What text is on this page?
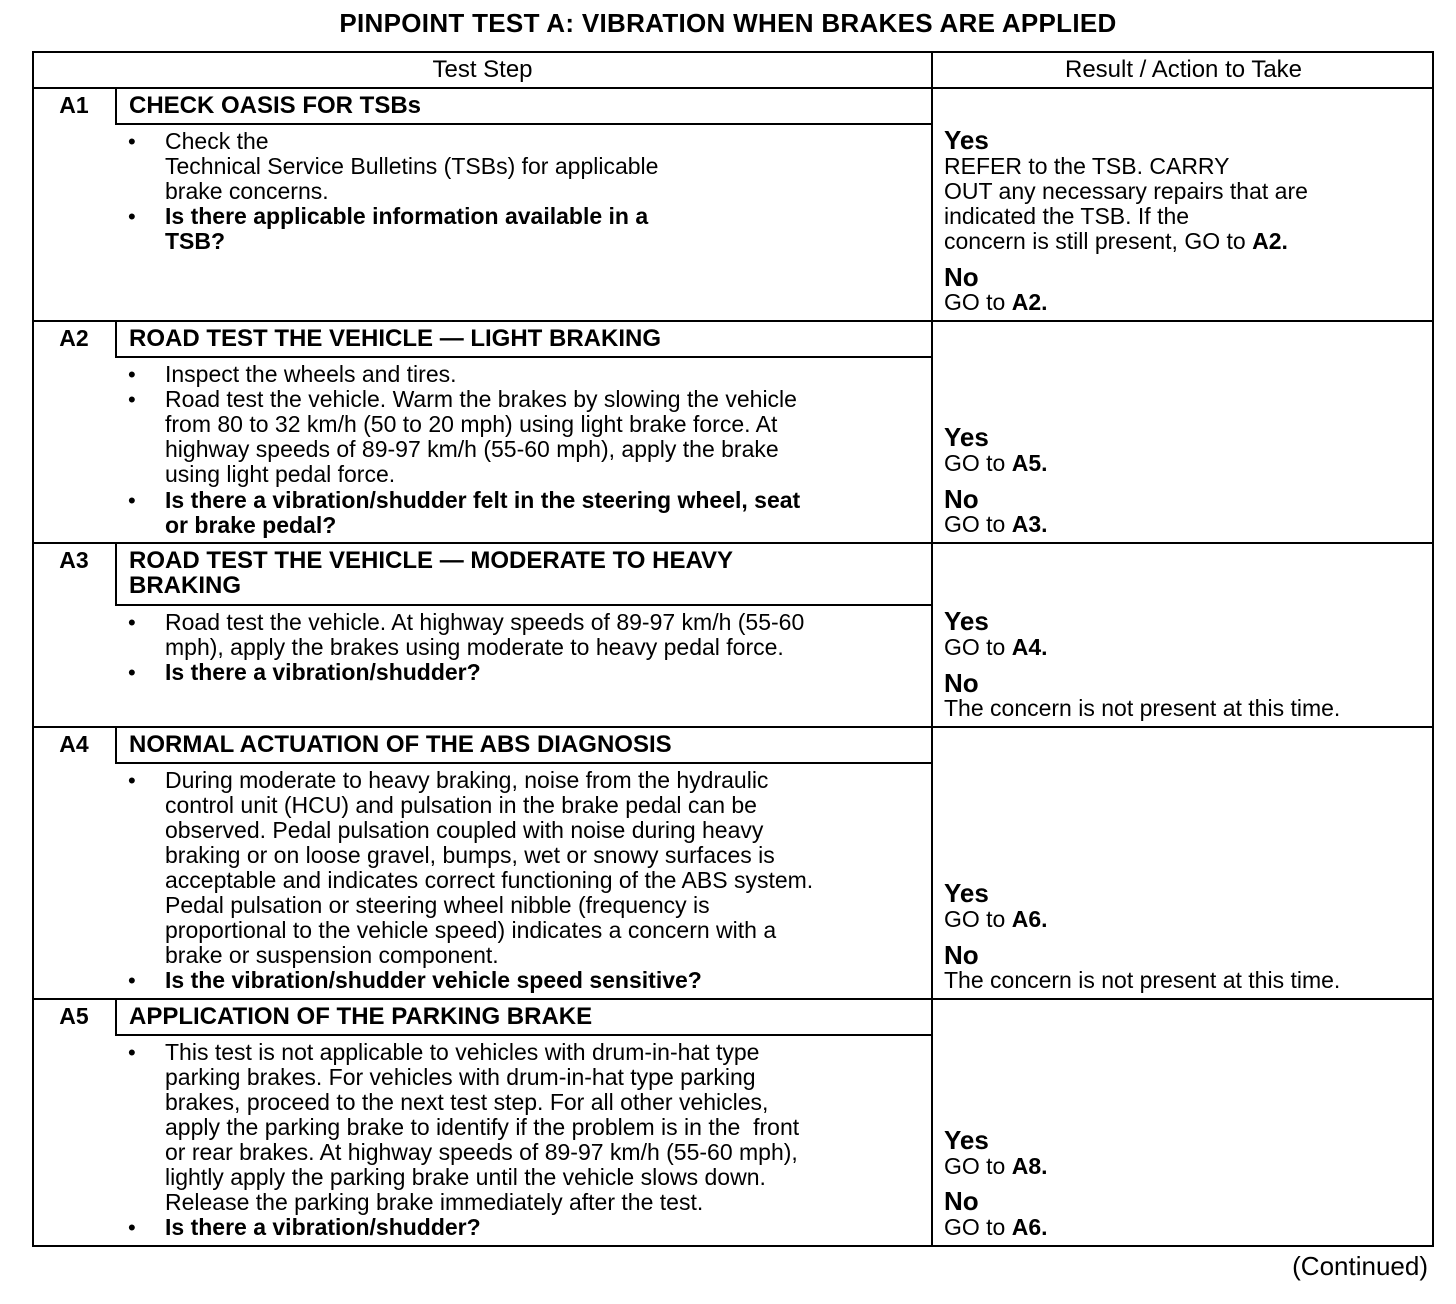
PINPOINT TEST A: VIBRATION WHEN BRAKES ARE APPLIED
Test Step	Result / Action to Take
A1	CHECK OASIS FOR TSBs
• Check the
Technical Service Bulletins (TSBs) for applicable
brake concerns.
• Is there applicable information available in a
TSB?
Yes
REFER to the TSB. CARRY
OUT any necessary repairs that are
indicated the TSB. If the
concern is still present, GO to A2.
No
GO to A2.
A2	ROAD TEST THE VEHICLE — LIGHT BRAKING
• Inspect the wheels and tires.
• Road test the vehicle. Warm the brakes by slowing the vehicle
from 80 to 32 km/h (50 to 20 mph) using light brake force. At
highway speeds of 89-97 km/h (55-60 mph), apply the brake
using light pedal force.
• Is there a vibration/shudder felt in the steering wheel, seat
or brake pedal?
Yes
GO to A5.
No
GO to A3.
A3	ROAD TEST THE VEHICLE — MODERATE TO HEAVY
BRAKING
• Road test the vehicle. At highway speeds of 89-97 km/h (55-60
mph), apply the brakes using moderate to heavy pedal force.
• Is there a vibration/shudder?
Yes
GO to A4.
No
The concern is not present at this time.
A4	NORMAL ACTUATION OF THE ABS DIAGNOSIS
• During moderate to heavy braking, noise from the hydraulic
control unit (HCU) and pulsation in the brake pedal can be
observed. Pedal pulsation coupled with noise during heavy
braking or on loose gravel, bumps, wet or snowy surfaces is
acceptable and indicates correct functioning of the ABS system.
Pedal pulsation or steering wheel nibble (frequency is
proportional to the vehicle speed) indicates a concern with a
brake or suspension component.
• Is the vibration/shudder vehicle speed sensitive?
Yes
GO to A6.
No
The concern is not present at this time.
A5	APPLICATION OF THE PARKING BRAKE
• This test is not applicable to vehicles with drum-in-hat type
parking brakes. For vehicles with drum-in-hat type parking
brakes, proceed to the next test step. For all other vehicles,
apply the parking brake to identify if the problem is in the  front
or rear brakes. At highway speeds of 89-97 km/h (55-60 mph),
lightly apply the parking brake until the vehicle slows down.
Release the parking brake immediately after the test.
• Is there a vibration/shudder?
Yes
GO to A8.
No
GO to A6.
(Continued)
